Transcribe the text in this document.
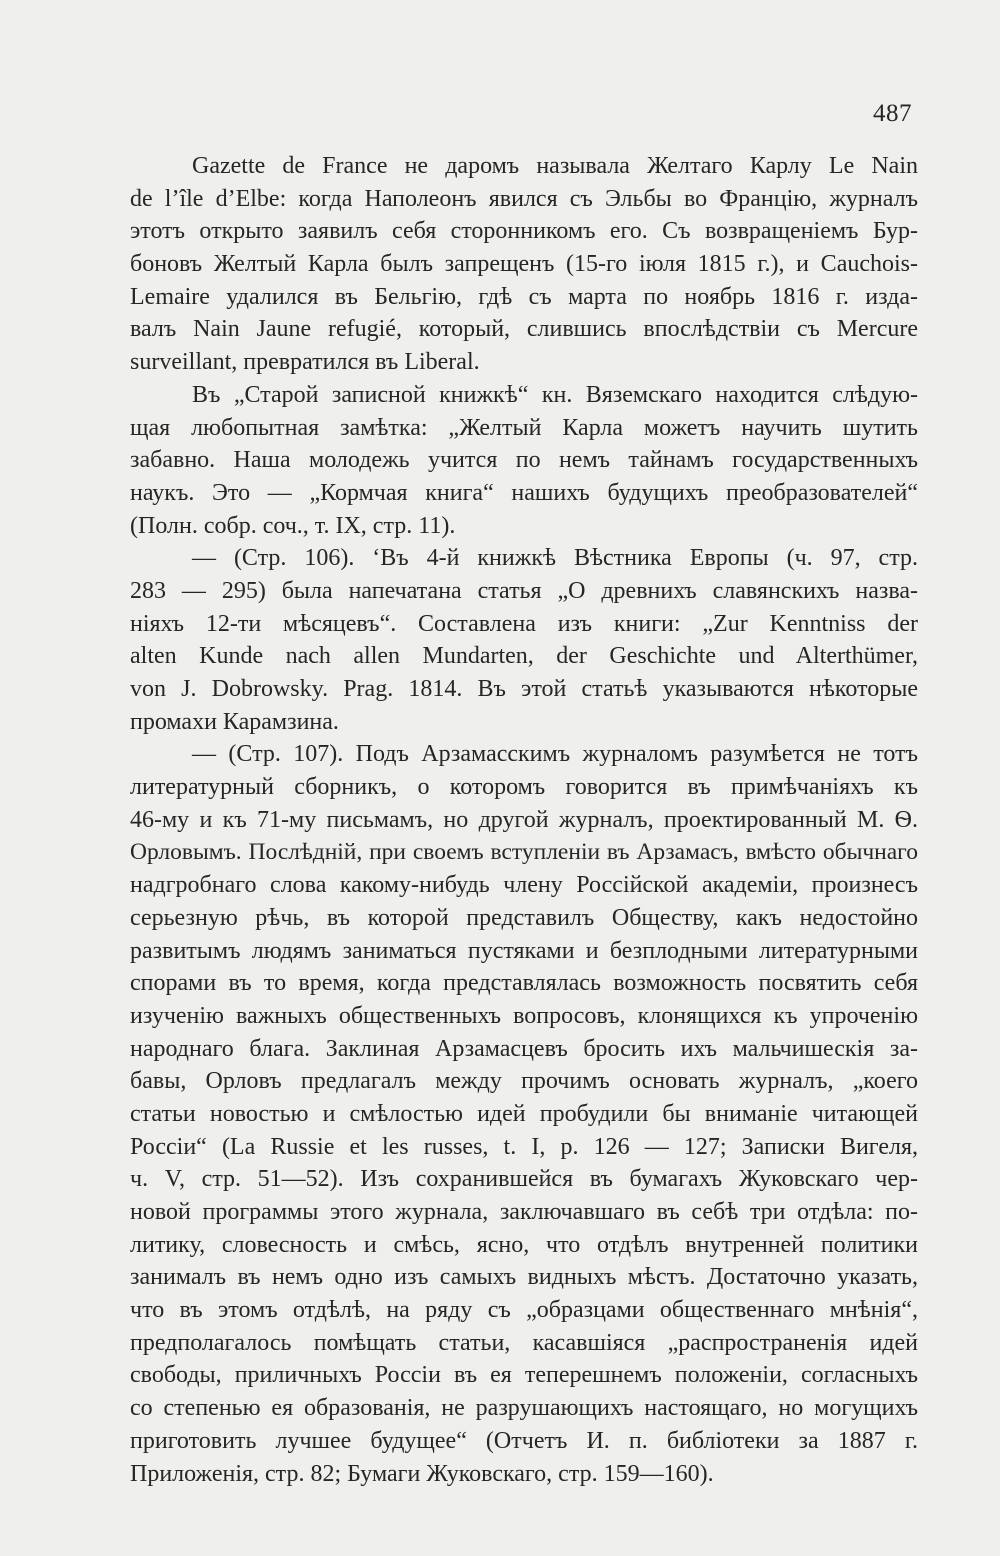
487
Gazette de France не даромъ называла Желтаго Карлу Le Nain
de l’île d’Elbe: когда Наполеонъ явился съ Эльбы во Францію, журналъ
этотъ открыто заявилъ себя сторонникомъ его. Съ возвращеніемъ Бур-
боновъ Желтый Карла былъ запрещенъ (15-го іюля 1815 г.), и Cauchois-
Lemaire удалился въ Бельгію, гдѣ съ марта по ноябрь 1816 г. изда-
валъ Nain Jaune refugié, который, слившись впослѣдствіи съ Mercure
surveillant, превратился въ Liberal.
Въ „Старой записной книжкѣ“ кн. Вяземскаго находится слѣдую-
щая любопытная замѣтка: „Желтый Карла можетъ научить шутить
забавно. Наша молодежь учится по немъ тайнамъ государственныхъ
наукъ. Это — „Кормчая книга“ нашихъ будущихъ преобразователей“
(Полн. собр. соч., т. IX, стр. 11).
— (Стр. 106). ‘Въ 4-й книжкѣ Вѣстника Европы (ч. 97, стр.
283 — 295) была напечатана статья „О древнихъ славянскихъ назва-
ніяхъ 12-ти мѣсяцевъ“. Составлена изъ книги: „Zur Kenntniss der
alten Kunde nach allen Mundarten, der Geschichte und Alterthümer,
von J. Dobrowsky. Prag. 1814. Въ этой статьѣ указываются нѣкоторые
промахи Карамзина.
— (Стр. 107). Подъ Арзамасскимъ журналомъ разумѣется не тотъ
литературный сборникъ, о которомъ говорится въ примѣчаніяхъ къ
46-му и къ 71-му письмамъ, но другой журналъ, проектированный М. Ѳ.
Орловымъ. Послѣдній, при своемъ вступленіи въ Арзамасъ, вмѣсто обычнаго
надгробнаго слова какому-нибудь члену Россійской академіи, произнесъ
серьезную рѣчь, въ которой представилъ Обществу, какъ недостойно
развитымъ людямъ заниматься пустяками и безплодными литературными
спорами въ то время, когда представлялась возможность посвятить себя
изученію важныхъ общественныхъ вопросовъ, клонящихся къ упроченію
народнаго блага. Заклиная Арзамасцевъ бросить ихъ мальчишескія за-
бавы, Орловъ предлагалъ между прочимъ основать журналъ, „коего
статьи новостью и смѣлостью идей пробудили бы вниманіе читающей
Россіи“ (La Russie et les russes, t. I, p. 126 — 127; Записки Вигеля,
ч. V, стр. 51—52). Изъ сохранившейся въ бумагахъ Жуковскаго чер-
новой программы этого журнала, заключавшаго въ себѣ три отдѣла: по-
литику, словесность и смѣсь, ясно, что отдѣлъ внутренней политики
занималъ въ немъ одно изъ самыхъ видныхъ мѣстъ. Достаточно указать,
что въ этомъ отдѣлѣ, на ряду съ „образцами общественнаго мнѣнія“,
предполагалось помѣщать статьи, касавшіяся „распространенія идей
свободы, приличныхъ Россіи въ ея теперешнемъ положеніи, согласныхъ
со степенью ея образованія, не разрушающихъ настоящаго, но могущихъ
приготовить лучшее будущее“ (Отчетъ И. п. библіотеки за 1887 г.
Приложенія, стр. 82; Бумаги Жуковскаго, стр. 159—160).
